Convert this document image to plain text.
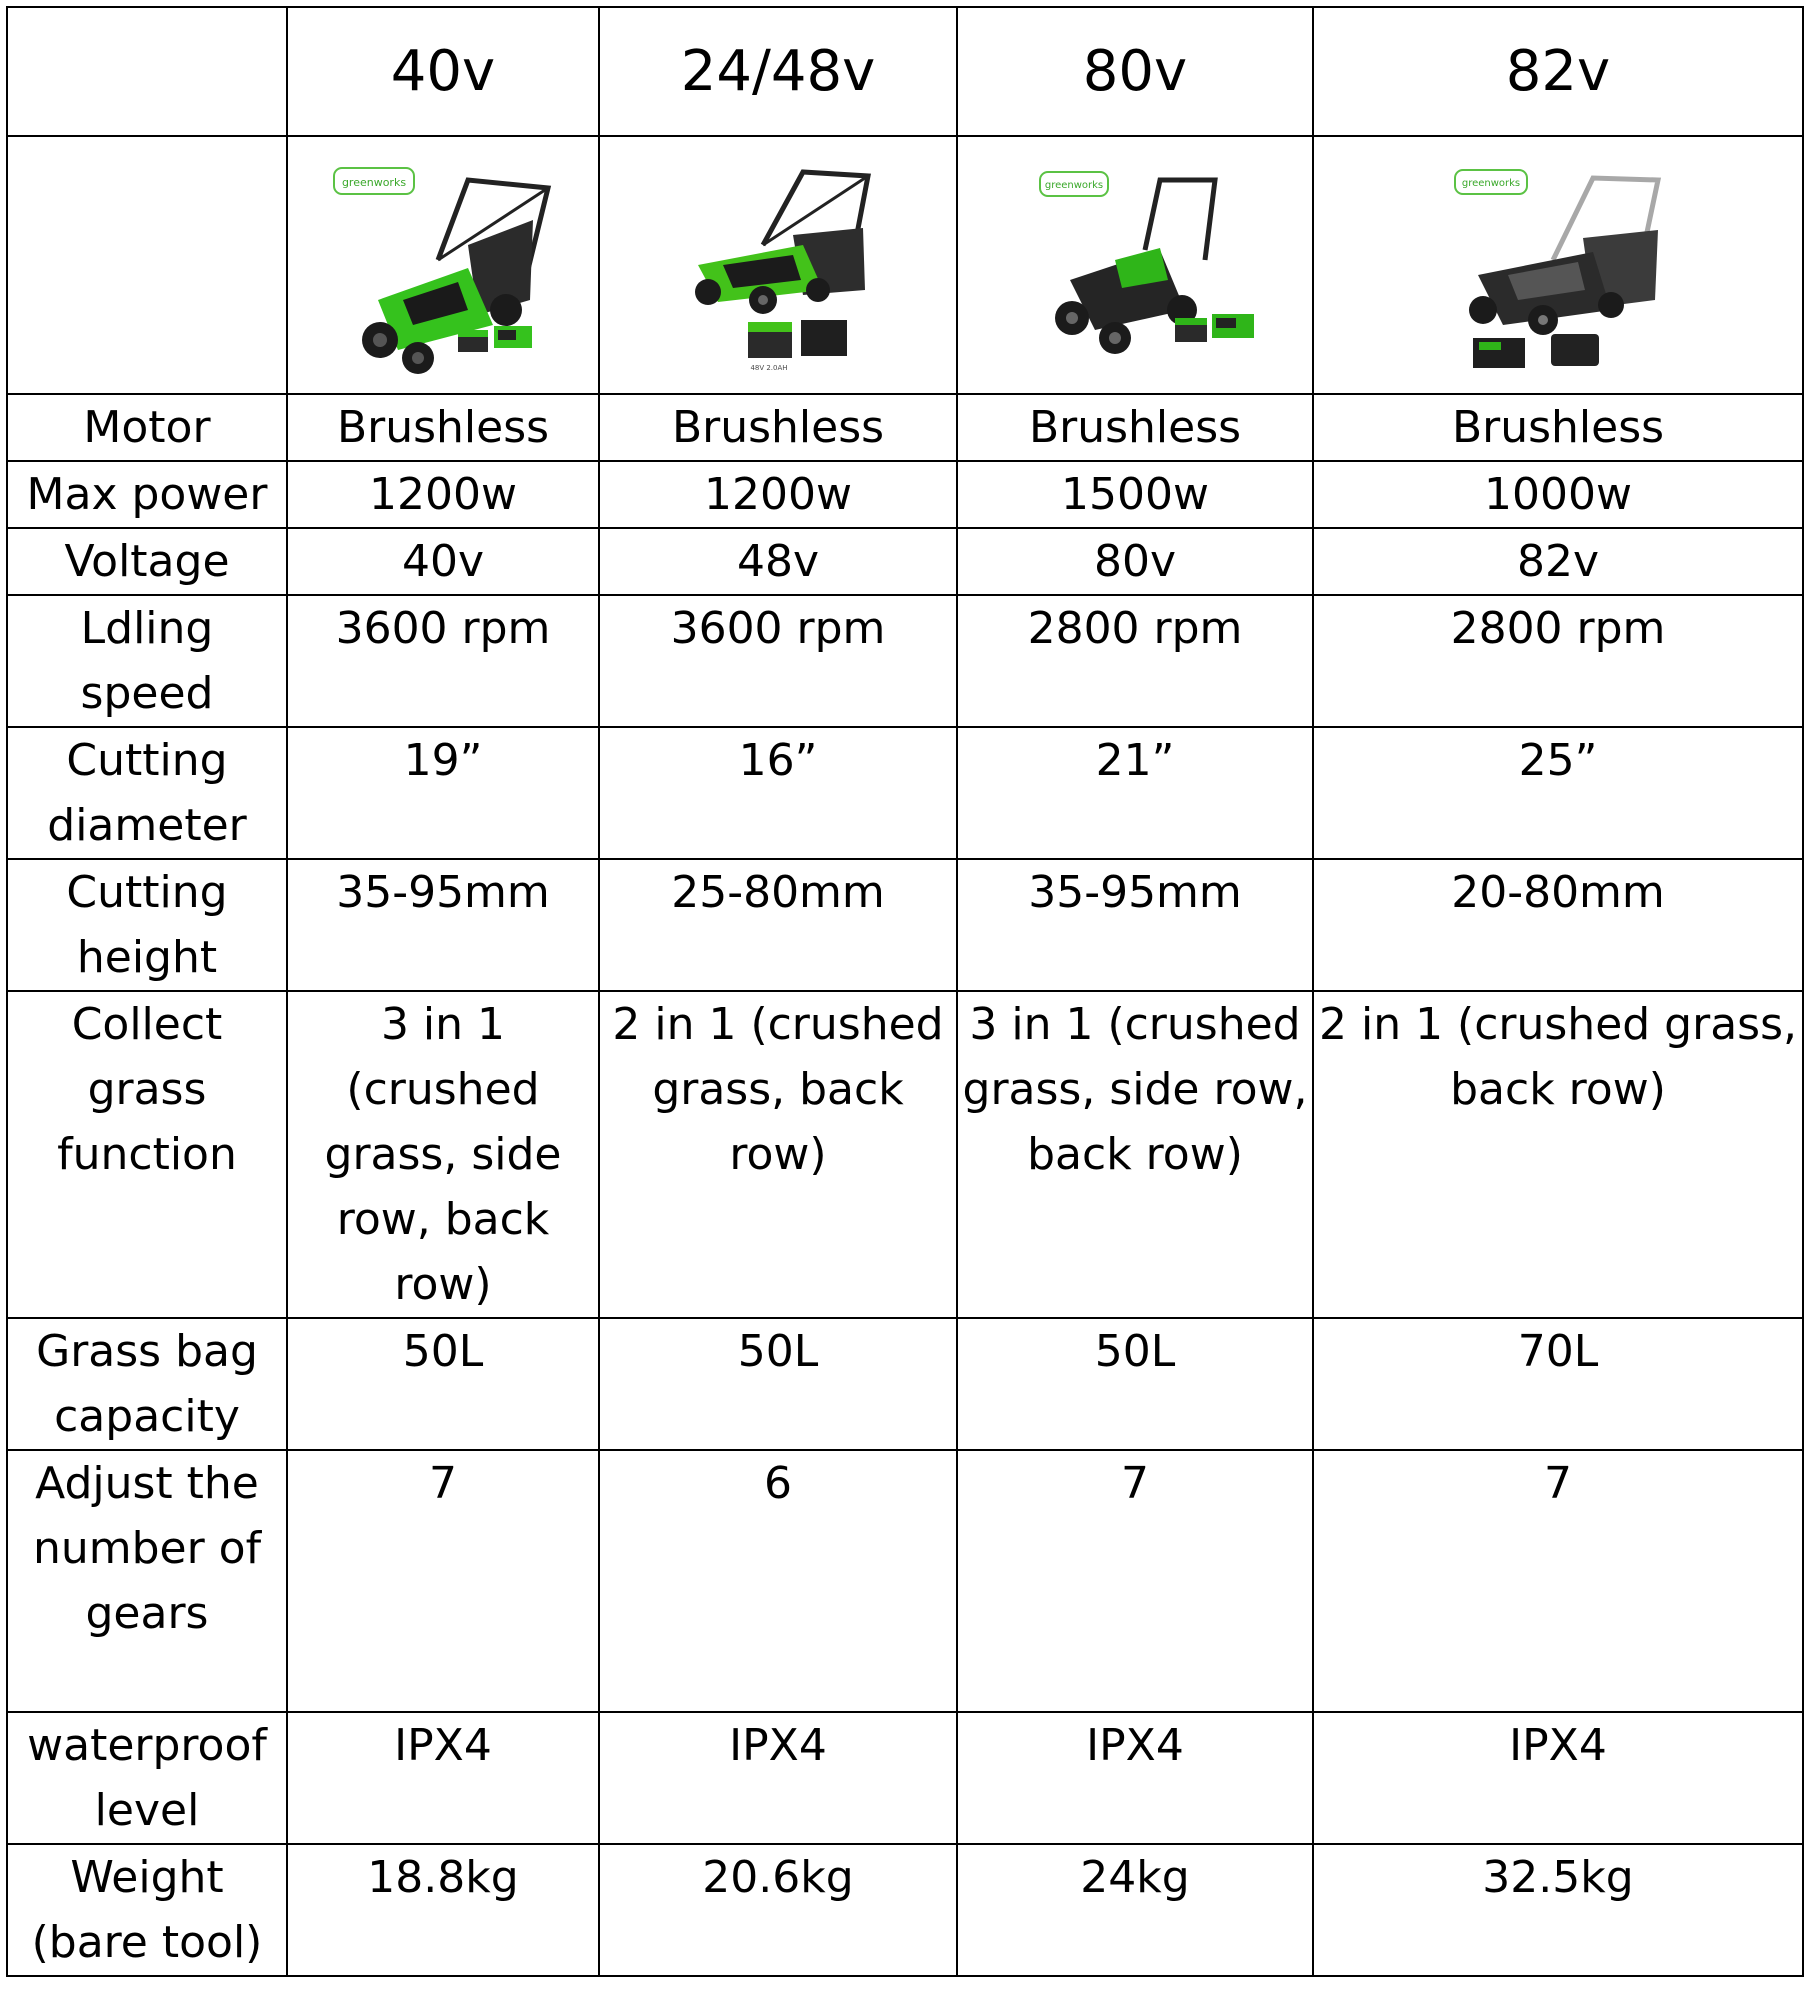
	40v	24/48v	80v	82v

greenworks	48V 2.0AH	greenworks	greenworks

Motor	Brushless	Brushless	Brushless	Brushless
Max power	1200w	1200w	1500w	1000w
Voltage	40v	48v	80v	82v
Ldling speed	3600 rpm	3600 rpm	2800 rpm	2800 rpm
Cutting diameter	19”	16”	21”	25”
Cutting height	35-95mm	25-80mm	35-95mm	20-80mm
Collect grass function	3 in 1 (crushed grass, side row, back row)	2 in 1 (crushed grass, back row)	3 in 1 (crushed grass, side row, back row)	2 in 1 (crushed grass, back row)
Grass bag capacity	50L	50L	50L	70L
Adjust the number of gears	7	6	7	7
waterproof level	IPX4	IPX4	IPX4	IPX4
Weight (bare tool)	18.8kg	20.6kg	24kg	32.5kg
